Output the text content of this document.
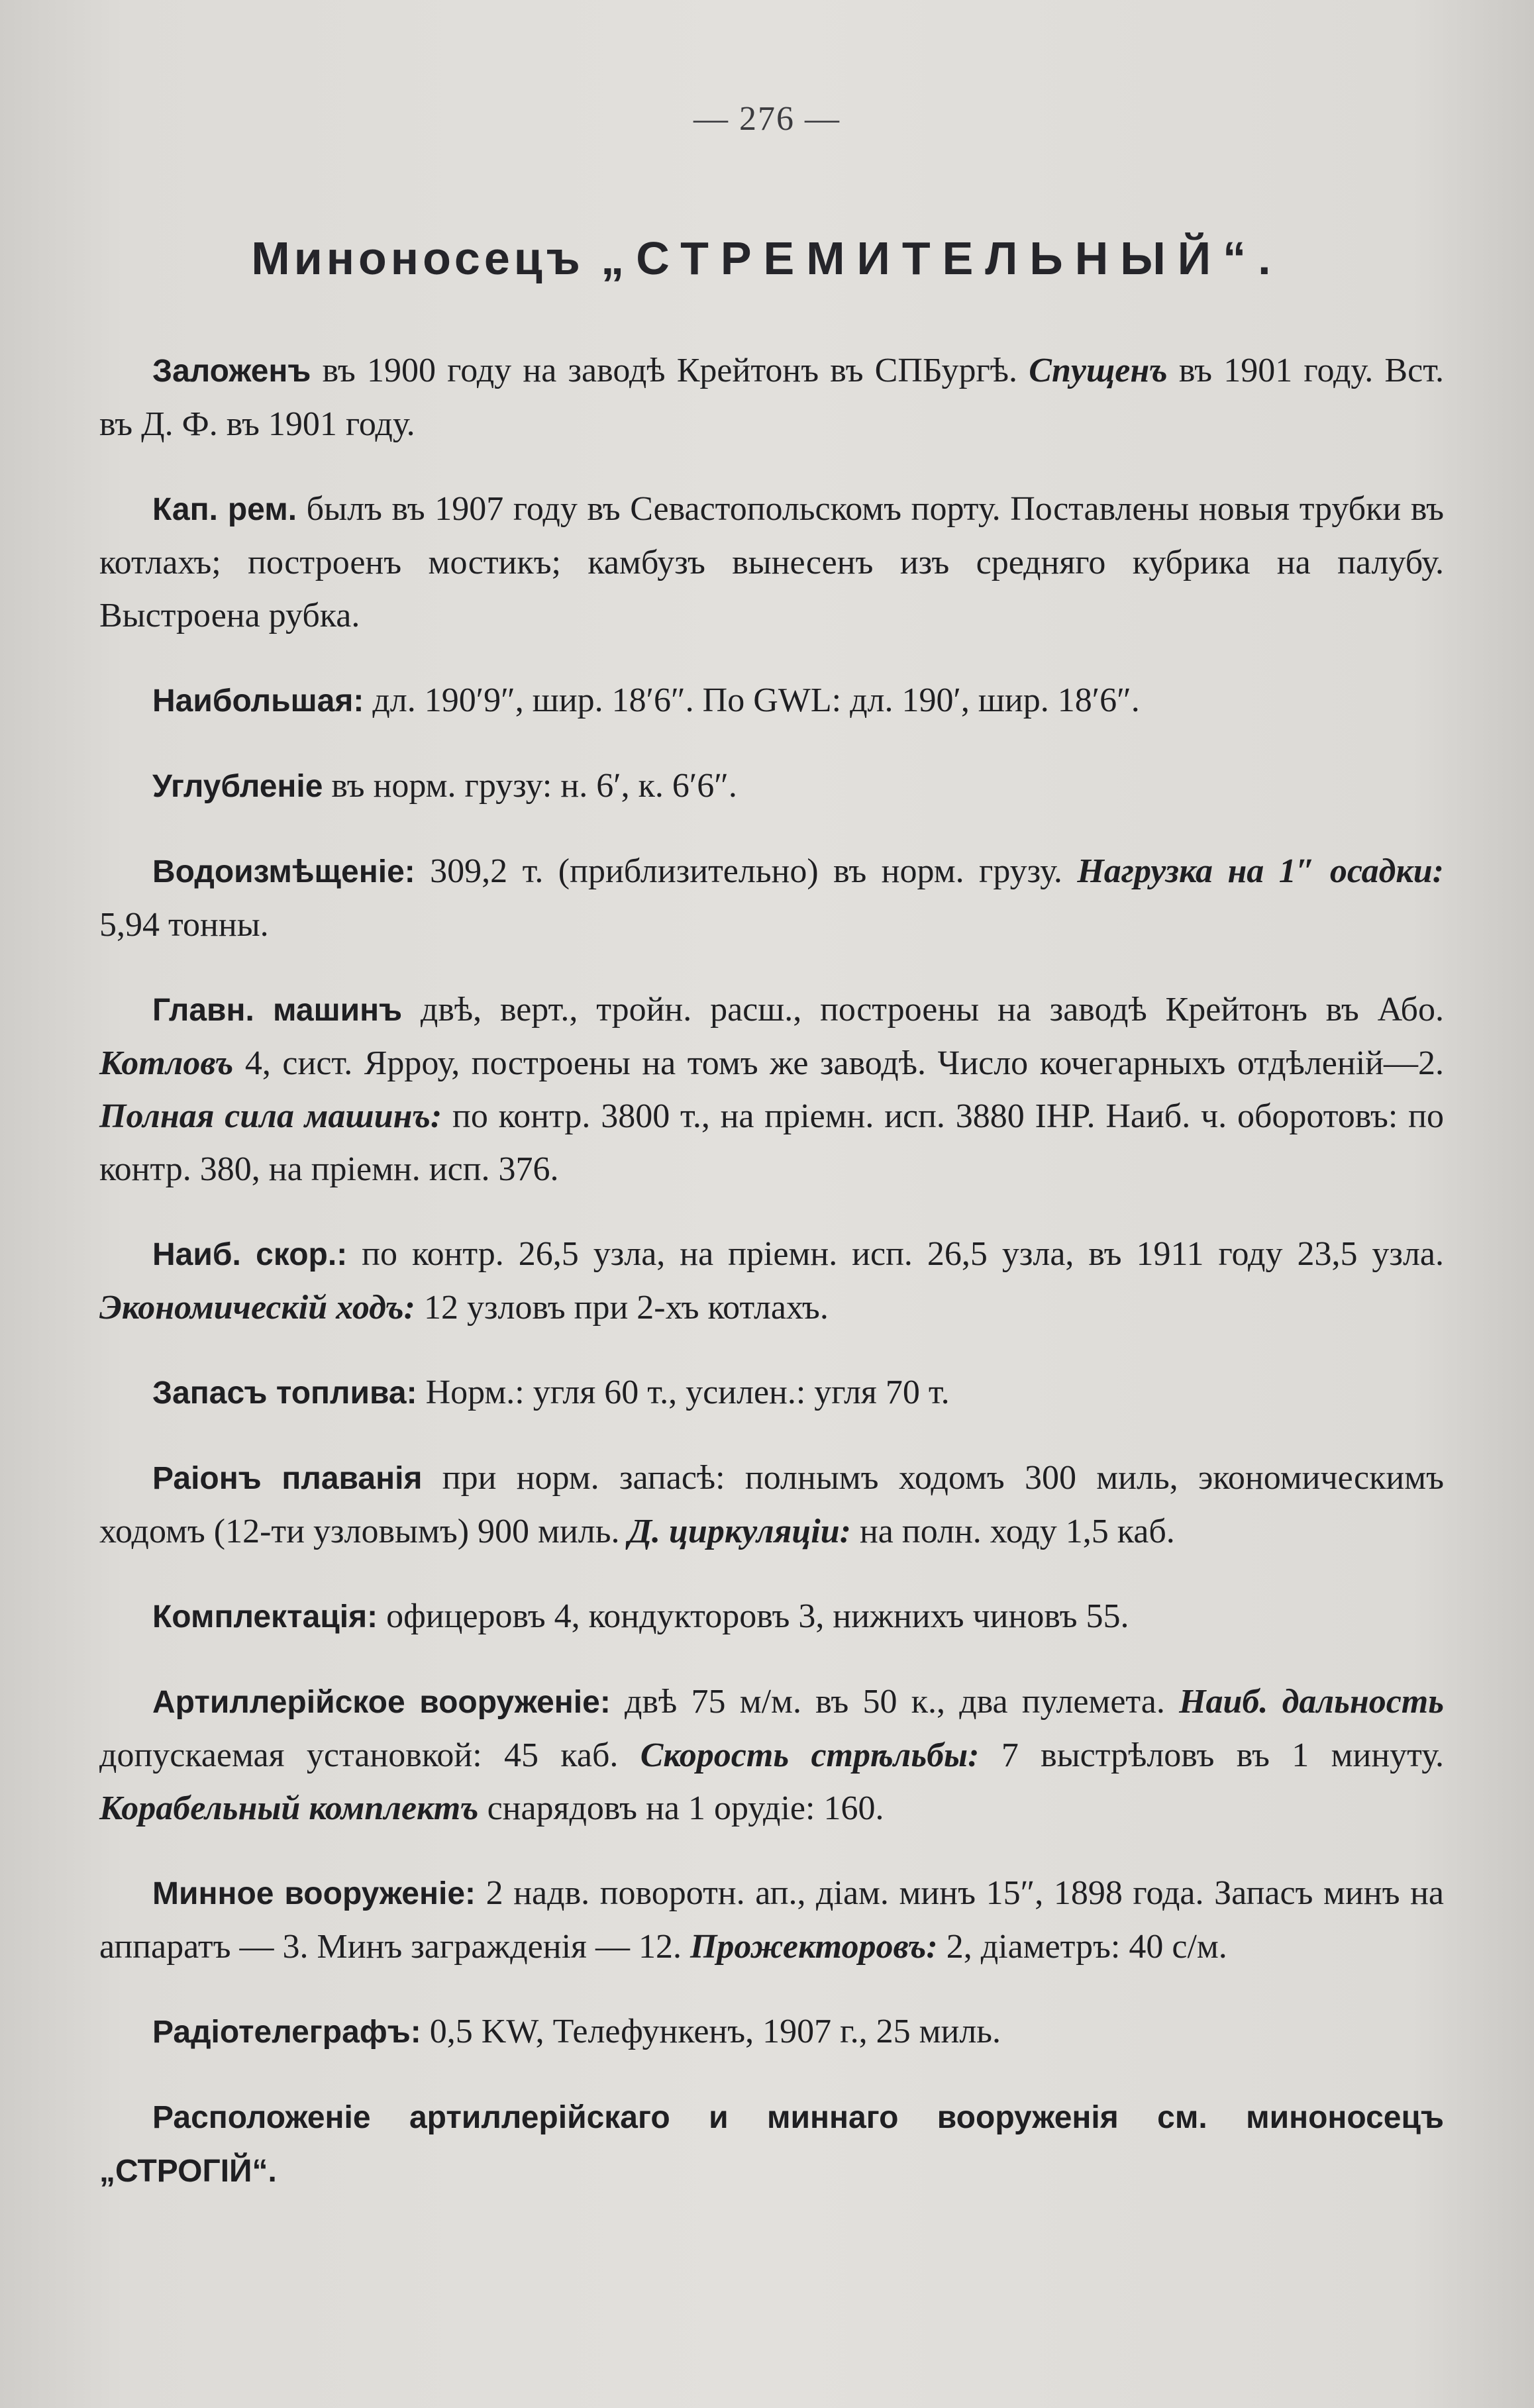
— 276 —
Миноносецъ „СТРЕМИТЕЛЬНЫЙ“.

Заложенъ въ 1900 году на заводѣ Крейтонъ въ СПБургѣ. Спущенъ въ 1901 году. Вст. въ Д. Ф. въ 1901 году.

Кап. рем. былъ въ 1907 году въ Севастопольскомъ порту. Поставлены новыя трубки въ котлахъ; построенъ мостикъ; камбузъ вынесенъ изъ средняго кубрика на палубу. Выстроена рубка.

Наибольшая: дл. 190′9″, шир. 18′6″. По GWL: дл. 190′, шир. 18′6″.

Углубленіе въ норм. грузу: н. 6′, к. 6′6″.

Водоизмѣщеніе: 309,2 т. (приблизительно) въ норм. грузу. Нагрузка на 1″ осадки: 5,94 тонны.

Главн. машинъ двѣ, верт., тройн. расш., построены на заводѣ Крейтонъ въ Або. Котловъ 4, сист. Ярроу, построены на томъ же заводѣ. Число кочегарныхъ отдѣленій—2. Полная сила машинъ: по контр. 3800 т., на пріемн. исп. 3880 IHP. Наиб. ч. оборотовъ: по контр. 380, на пріемн. исп. 376.

Наиб. скор.: по контр. 26,5 узла, на пріемн. исп. 26,5 узла, въ 1911 году 23,5 узла. Экономическій ходъ: 12 узловъ при 2-хъ котлахъ.

Запасъ топлива: Норм.: угля 60 т., усилен.: угля 70 т.

Раіонъ плаванія при норм. запасѣ: полнымъ ходомъ 300 миль, экономическимъ ходомъ (12-ти узловымъ) 900 миль. Д. циркуляціи: на полн. ходу 1,5 каб.

Комплектація: офицеровъ 4, кондукторовъ 3, нижнихъ чиновъ 55.

Артиллерійское вооруженіе: двѣ 75 м/м. въ 50 к., два пулемета. Наиб. дальность допускаемая установкой: 45 каб. Скорость стрѣльбы: 7 выстрѣловъ въ 1 минуту. Корабельный комплектъ снарядовъ на 1 орудіе: 160.

Минное вооруженіе: 2 надв. поворотн. ап., діам. минъ 15″, 1898 года. Запасъ минъ на аппаратъ — 3. Минъ загражденія — 12. Прожекторовъ: 2, діаметръ: 40 с/м.

Радіотелеграфъ: 0,5 KW, Телефункенъ, 1907 г., 25 миль.

Расположеніе артиллерійскаго и миннаго вооруженія см. миноносецъ „СТРОГІЙ“.
